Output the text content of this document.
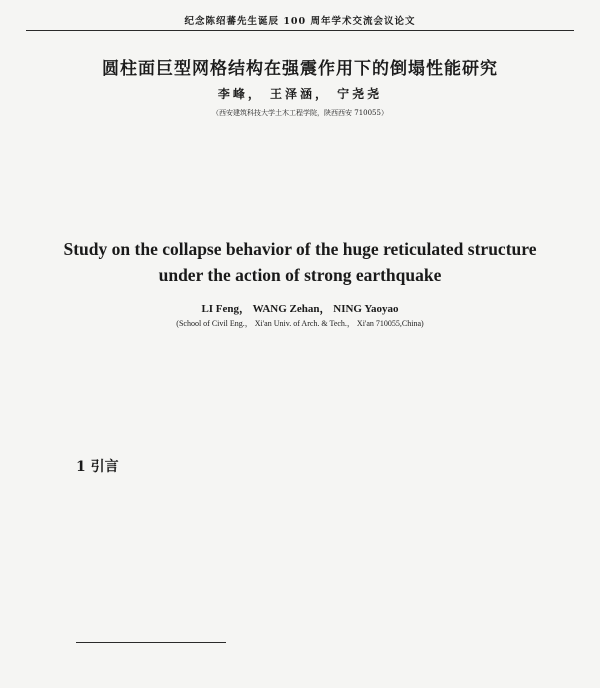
纪念陈绍蕃先生诞辰 100 周年学术交流会议论文
圆柱面巨型网格结构在强震作用下的倒塌性能研究
李峰， 王泽涵， 宁尧尧
（西安建筑科技大学土木工程学院，陕西西安 710055）
Study on the collapse behavior of the huge reticulated structure under the action of strong earthquake
LI Feng， WANG Zehan， NING Yaoyao
(School of Civil Eng.， Xi'an Univ. of Arch. & Tech.， Xi'an 710055,China)
1 引言
